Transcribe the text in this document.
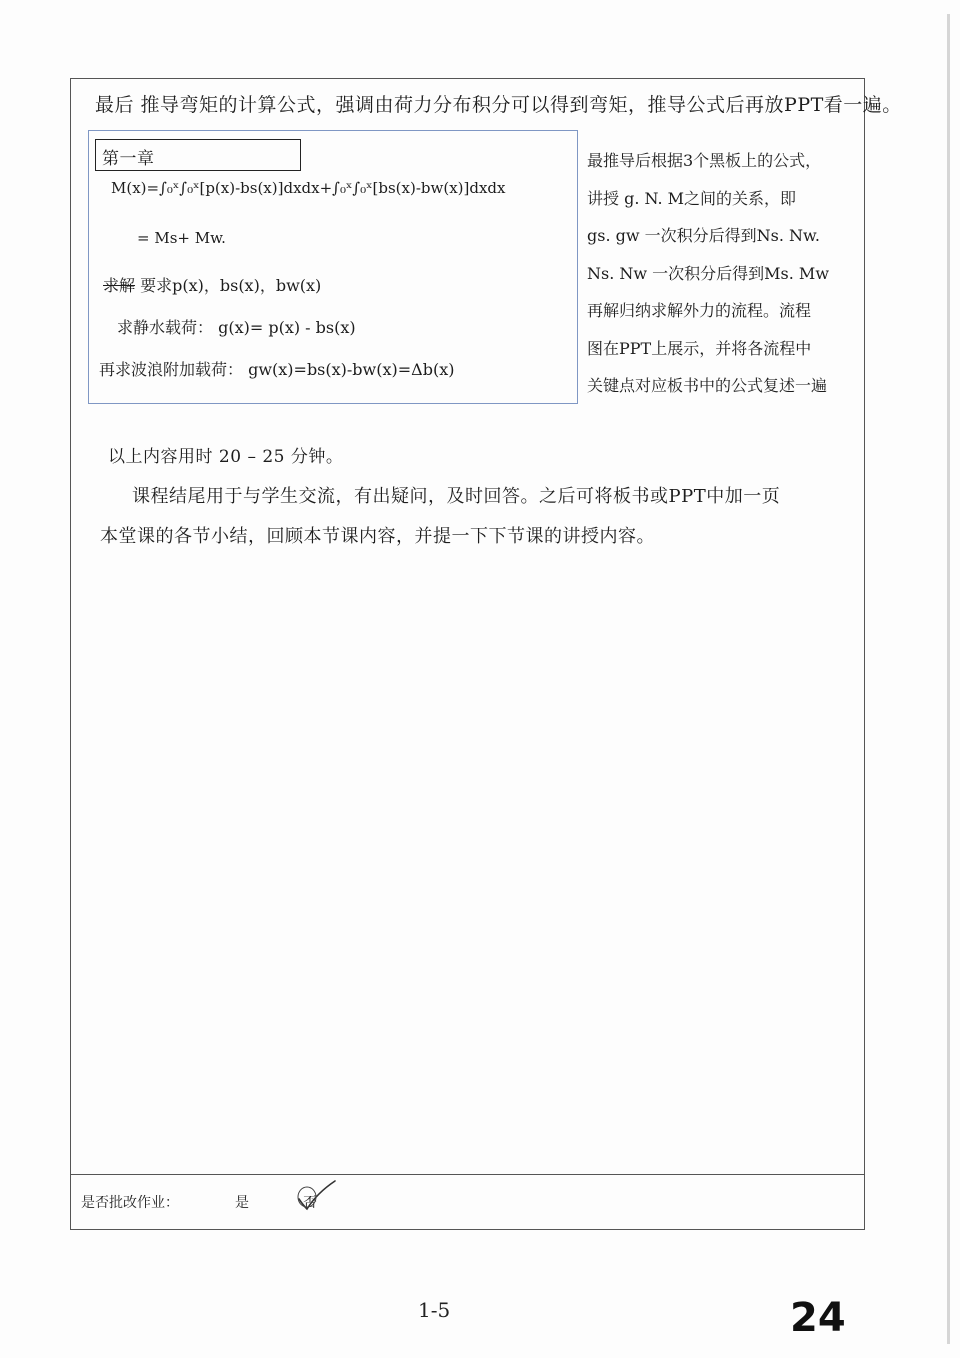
是否批改作业：	是	否
最后 推导弯矩的计算公式，强调由荷力分布积分可以得到弯矩，推导公式后再放PPT看一遍。
第一章
M(x)=∫₀ˣ∫₀ˣ[p(x)-bs(x)]dxdx+∫₀ˣ∫₀ˣ[bs(x)-bw(x)]dxdx
= Ms+ Mw.
求解 要求p(x)，bs(x)，bw(x)
求静水载荷： g(x)= p(x) - bs(x)
再求波浪附加载荷： gw(x)=bs(x)-bw(x)=Δb(x)
最推导后根据3个黑板上的公式，
讲授 g. N. M之间的关系，即
gs. gw 一次积分后得到Ns. Nw.
Ns. Nw 一次积分后得到Ms. Mw
再解归纳求解外力的流程。流程
图在PPT上展示，并将各流程中
关键点对应板书中的公式复述一遍
以上内容用时 20 – 25 分钟。
课程结尾用于与学生交流，有出疑问，及时回答。之后可将板书或PPT中加一页
本堂课的各节小结，回顾本节课内容，并提一下下节课的讲授内容。
1-5	24
